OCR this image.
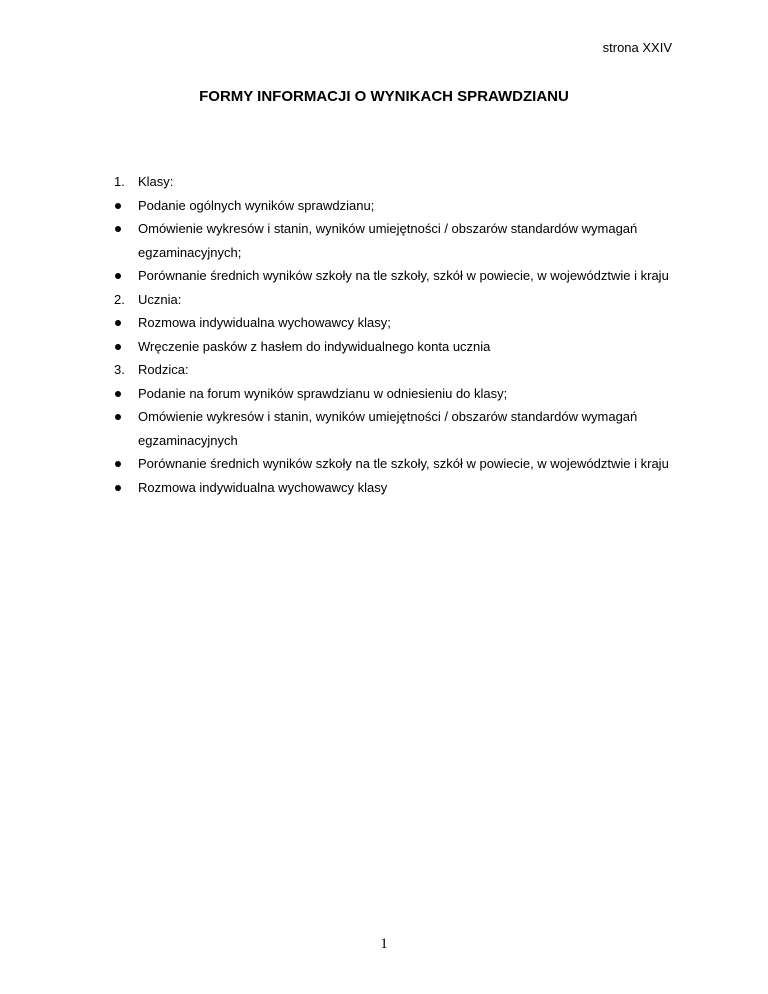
strona XXIV
FORMY INFORMACJI O WYNIKACH SPRAWDZIANU
1.	Klasy:
Podanie ogólnych wyników sprawdzianu;
Omówienie wykresów i stanin, wyników umiejętności / obszarów standardów wymagań egzaminacyjnych;
Porównanie średnich wyników szkoły na tle szkoły, szkół w powiecie, w województwie i kraju
2.	Ucznia:
Rozmowa indywidualna wychowawcy klasy;
Wręczenie pasków z hasłem do indywidualnego konta ucznia
3.	Rodzica:
Podanie na forum wyników sprawdzianu w odniesieniu do klasy;
Omówienie wykresów i stanin, wyników umiejętności / obszarów standardów wymagań egzaminacyjnych
Porównanie średnich wyników szkoły na tle szkoły, szkół w powiecie, w województwie i kraju
Rozmowa indywidualna wychowawcy klasy
1
